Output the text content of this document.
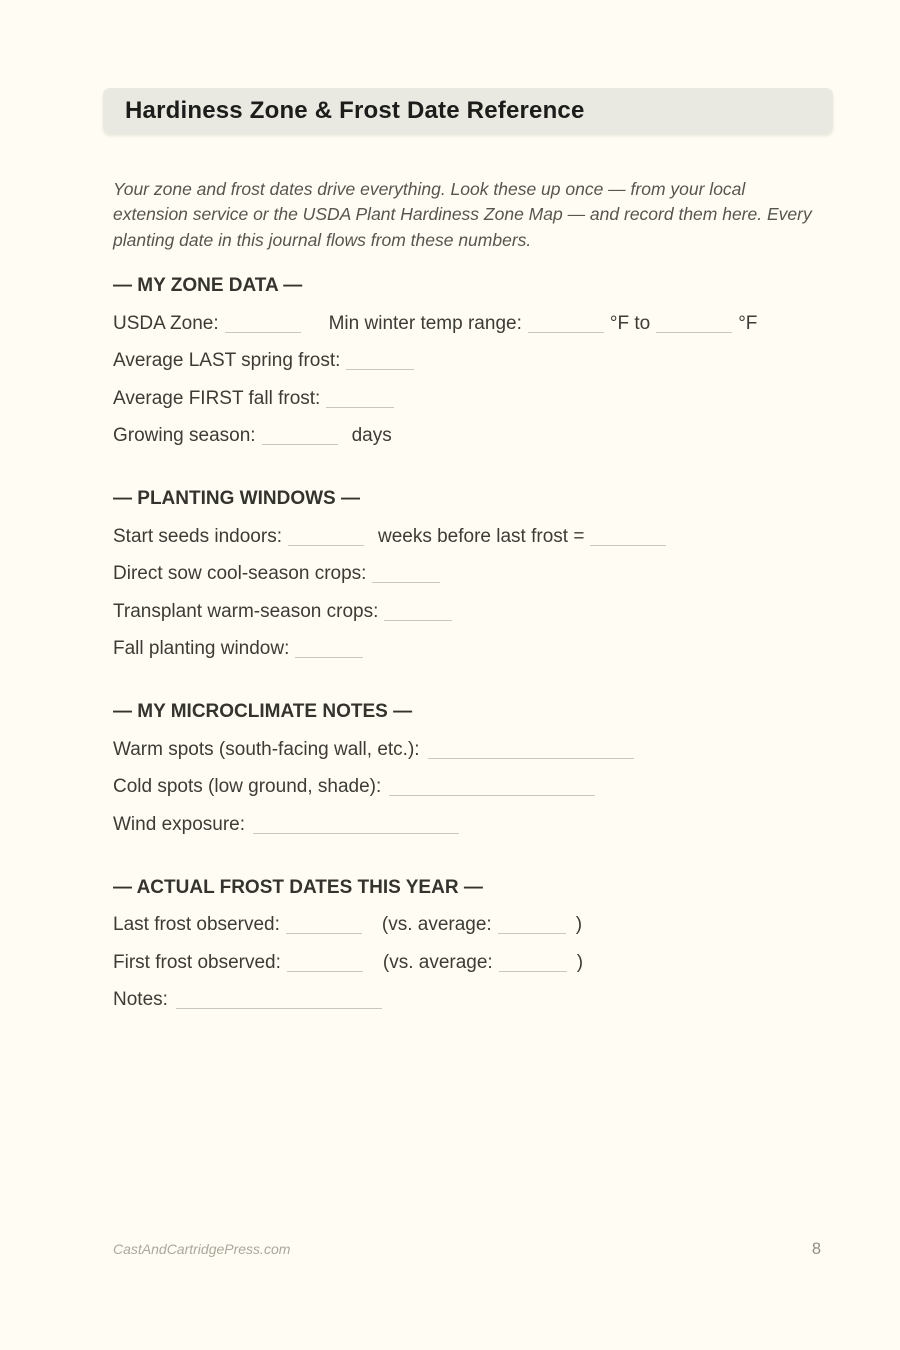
Hardiness Zone & Frost Date Reference

Your zone and frost dates drive everything. Look these up once — from your local extension service or the USDA Plant Hardiness Zone Map — and record them here. Every planting date in this journal flows from these numbers.

— MY ZONE DATA —
USDA Zone:	Min winter temp range:	°F to	°F
Average LAST spring frost:
Average FIRST fall frost:
Growing season:	days
— PLANTING WINDOWS —
Start seeds indoors:	weeks before last frost =
Direct sow cool-season crops:
Transplant warm-season crops:
Fall planting window:
— MY MICROCLIMATE NOTES —
Warm spots (south-facing wall, etc.):
Cold spots (low ground, shade):
Wind exposure:
— ACTUAL FROST DATES THIS YEAR —
Last frost observed:	(vs. average:	)
First frost observed:	(vs. average:	)
Notes:
CastAndCartridgePress.com	8
